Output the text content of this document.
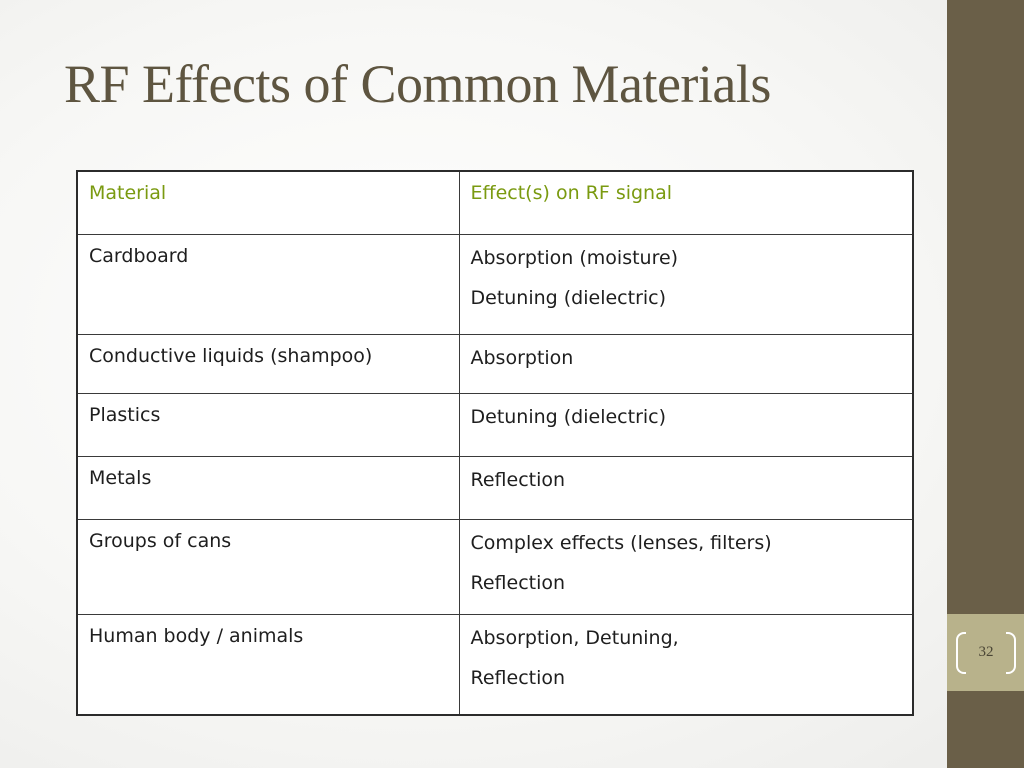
32
RF Effects of Common Materials
Material	Effect(s) on RF signal
Cardboard	Absorption (moisture)
Detuning (dielectric)

Conductive liquids (shampoo)	Absorption

Plastics	Detuning (dielectric)

Metals	Reflection

Groups of cans	Complex effects (lenses, filters)
Reflection

Human body / animals	Absorption, Detuning,
Reflection
